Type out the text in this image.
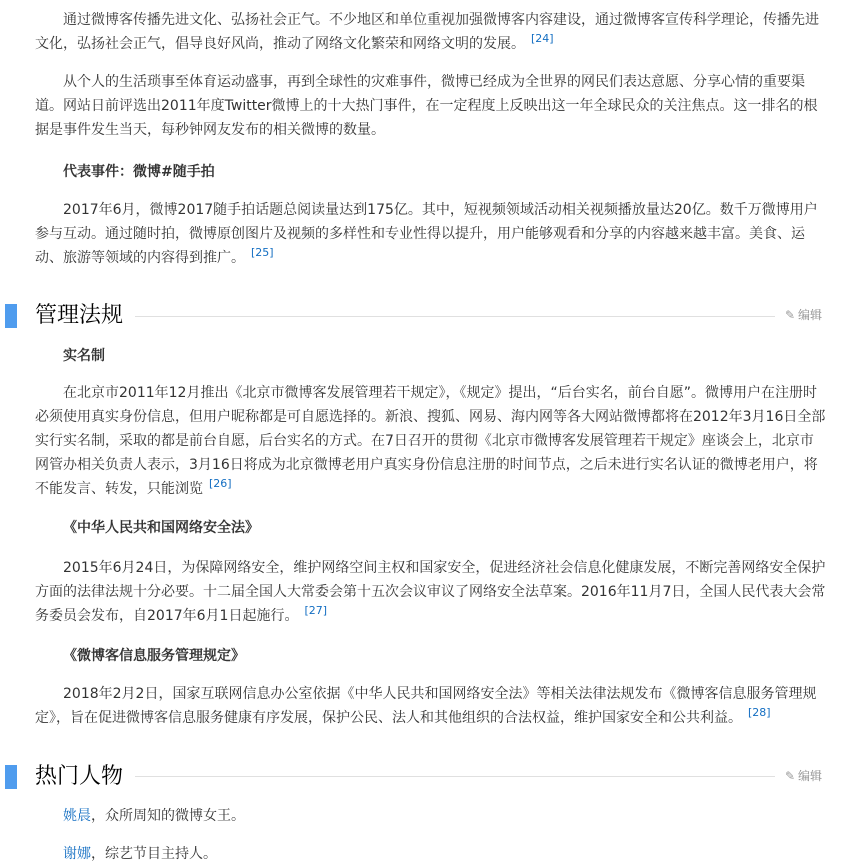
通过微博客传播先进文化、弘扬社会正气。不少地区和单位重视加强微博客内容建设，通过微博客宣传科学理论，传播先进文化，弘扬社会正气，倡导良好风尚，推动了网络文化繁荣和网络文明的发展。 [24]

从个人的生活琐事至体育运动盛事，再到全球性的灾难事件，微博已经成为全世界的网民们表达意愿、分享心情的重要渠道。网站日前评选出2011年度Twitter微博上的十大热门事件，在一定程度上反映出这一年全球民众的关注焦点。这一排名的根据是事件发生当天，每秒钟网友发布的相关微博的数量。

代表事件：微博#随手拍

2017年6月，微博2017随手拍话题总阅读量达到175亿。其中，短视频领域活动相关视频播放量达20亿。数千万微博用户参与互动。通过随时拍，微博原创图片及视频的多样性和专业性得以提升，用户能够观看和分享的内容越来越丰富。美食、运动、旅游等领域的内容得到推广。 [25]

管理法规	✎ 编辑

实名制

在北京市2011年12月推出《北京市微博客发展管理若干规定》，《规定》提出，“后台实名，前台自愿”。微博用户在注册时必须使用真实身份信息，但用户昵称都是可自愿选择的。新浪、搜狐、网易、海内网等各大网站微博都将在2012年3月16日全部实行实名制，采取的都是前台自愿，后台实名的方式。在7日召开的贯彻《北京市微博客发展管理若干规定》座谈会上，北京市网管办相关负责人表示，3月16日将成为北京微博老用户真实身份信息注册的时间节点，之后未进行实名认证的微博老用户，将不能发言、转发，只能浏览 [26]

《中华人民共和国网络安全法》

2015年6月24日，为保障网络安全，维护网络空间主权和国家安全，促进经济社会信息化健康发展，不断完善网络安全保护方面的法律法规十分必要。十二届全国人大常委会第十五次会议审议了网络安全法草案。2016年11月7日，全国人民代表大会常务委员会发布，自2017年6月1日起施行。 [27]

《微博客信息服务管理规定》

2018年2月2日，国家互联网信息办公室依据《中华人民共和国网络安全法》等相关法律法规发布《微博客信息服务管理规定》，旨在促进微博客信息服务健康有序发展，保护公民、法人和其他组织的合法权益，维护国家安全和公共利益。 [28]

热门人物	✎ 编辑

姚晨，众所周知的微博女王。

谢娜，综艺节目主持人。
